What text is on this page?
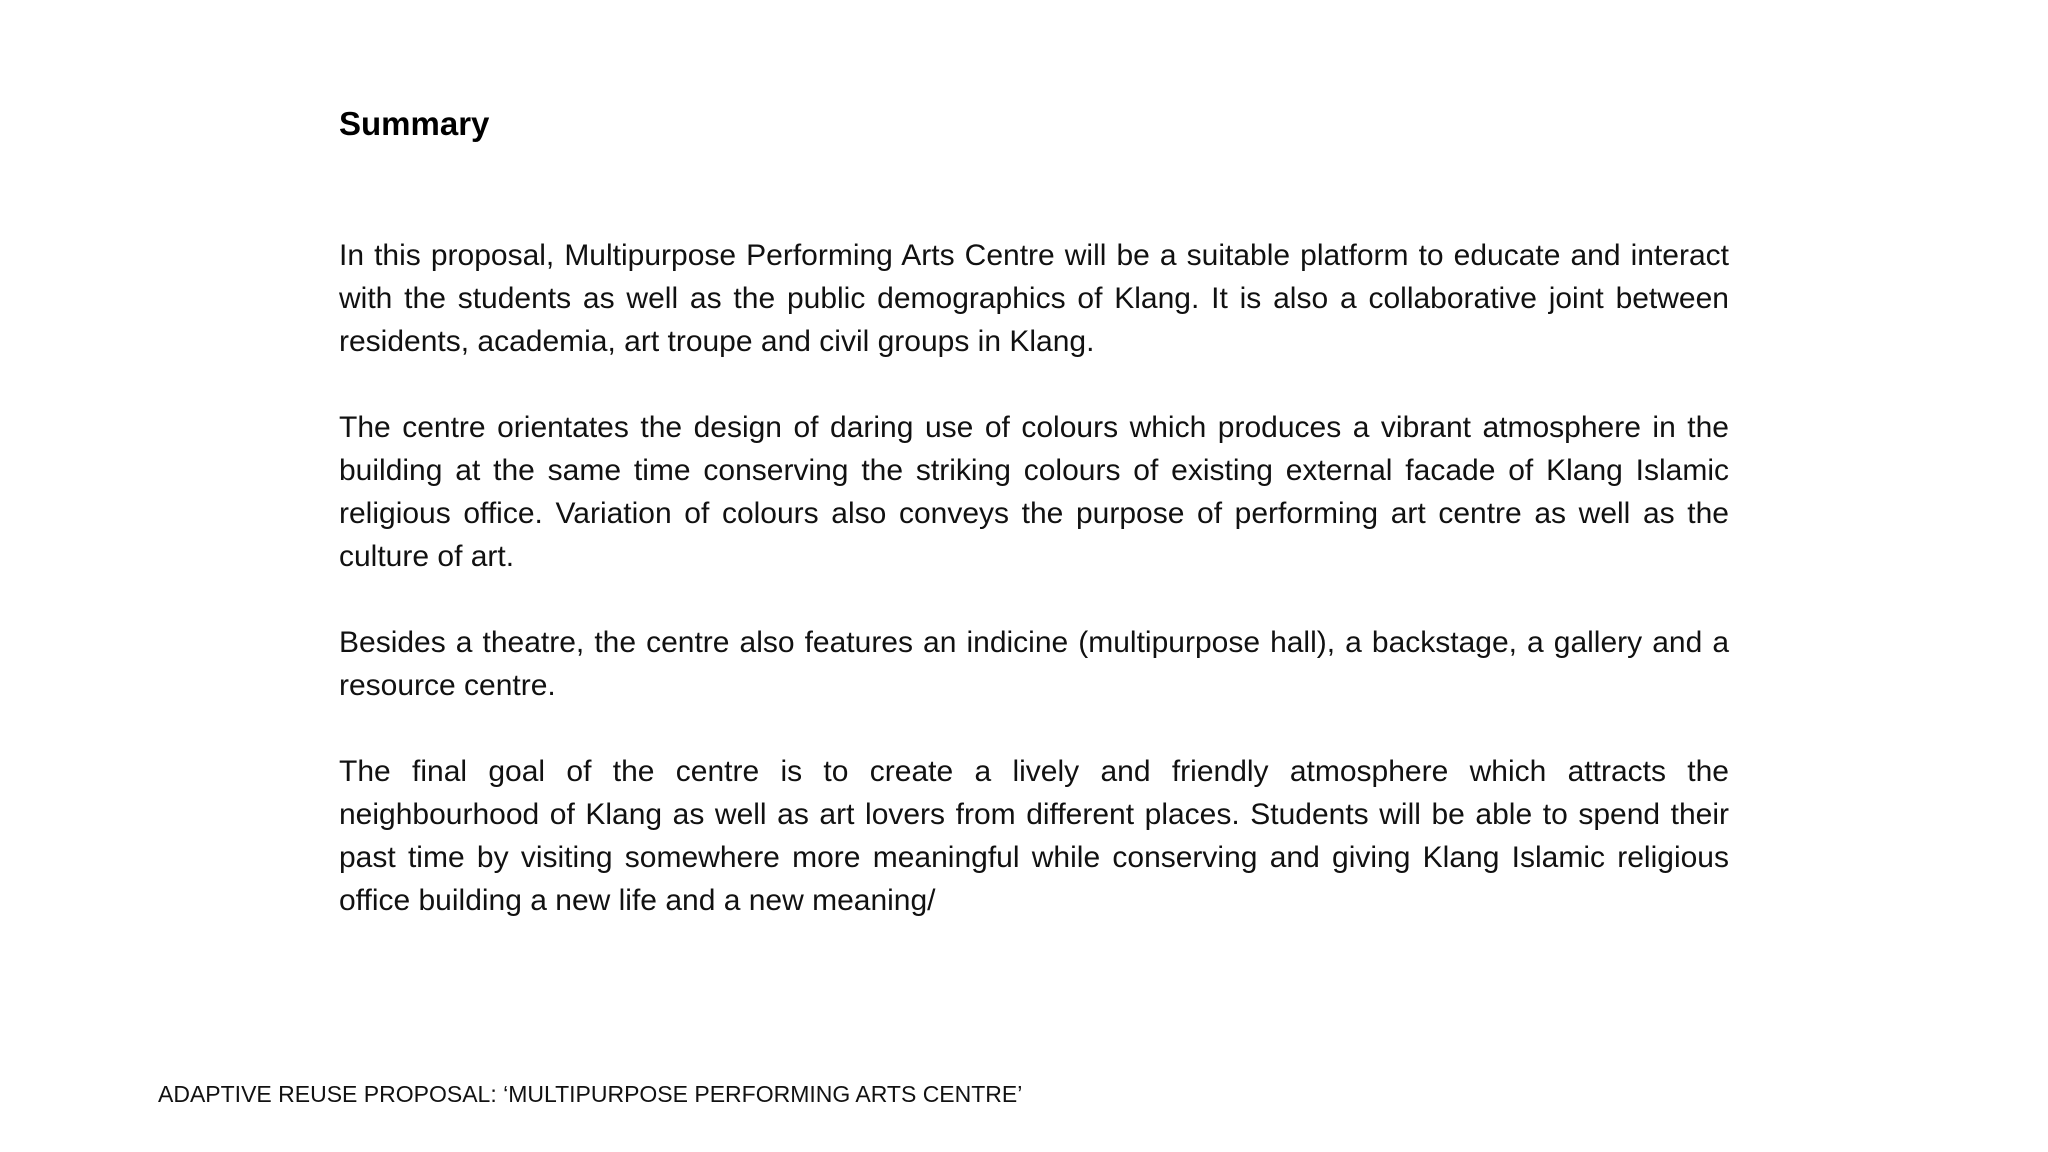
Summary

In this proposal, Multipurpose Performing Arts Centre will be a suitable platform to educate and interact with the students as well as the public demographics of Klang. It is also a collaborative joint between residents, academia, art troupe and civil groups in Klang.

The centre orientates the design of daring use of colours which produces a vibrant atmosphere in the building at the same time conserving the striking colours of existing external facade of Klang Islamic religious office. Variation of colours also conveys the purpose of performing art centre as well as the culture of art.

Besides a theatre, the centre also features an indicine (multipurpose hall), a backstage, a gallery and a resource centre.

The final goal of the centre is to create a lively and friendly atmosphere which attracts the neighbourhood of Klang as well as art lovers from different places. Students will be able to spend their past time by visiting somewhere more meaningful while conserving and giving Klang Islamic religious office building a new life and a new meaning/

ADAPTIVE REUSE PROPOSAL: ‘MULTIPURPOSE PERFORMING ARTS CENTRE’
